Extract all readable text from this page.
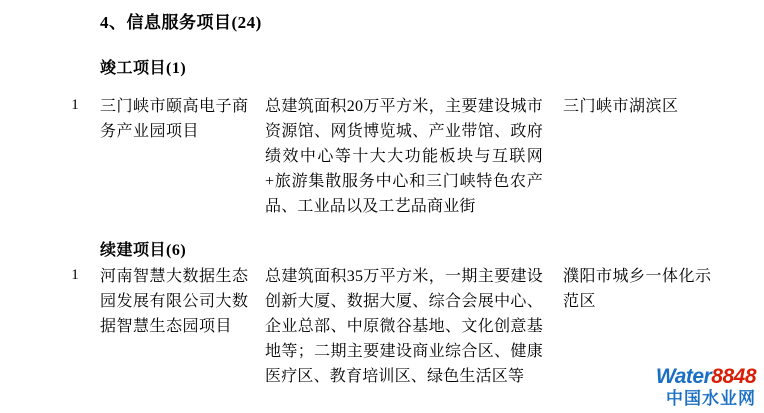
4、信息服务项目(24)
竣工项目(1)
1	三门峡市颐高电子商务产业园项目
总建筑面积20万平方米，主要建设城市资源馆、网货博览城、产业带馆、政府绩效中心等十大大功能板块与互联网+旅游集散服务中心和三门峡特色农产品、工业品以及工艺品商业街
三门峡市湖滨区
续建项目(6)
1	河南智慧大数据生态园发展有限公司大数据智慧生态园项目
总建筑面积35万平方米，一期主要建设创新大厦、数据大厦、综合会展中心、企业总部、中原微谷基地、文化创意基地等；二期主要建设商业综合区、健康医疗区、教育培训区、绿色生活区等
濮阳市城乡一体化示范区
Water8848
中国水业网
